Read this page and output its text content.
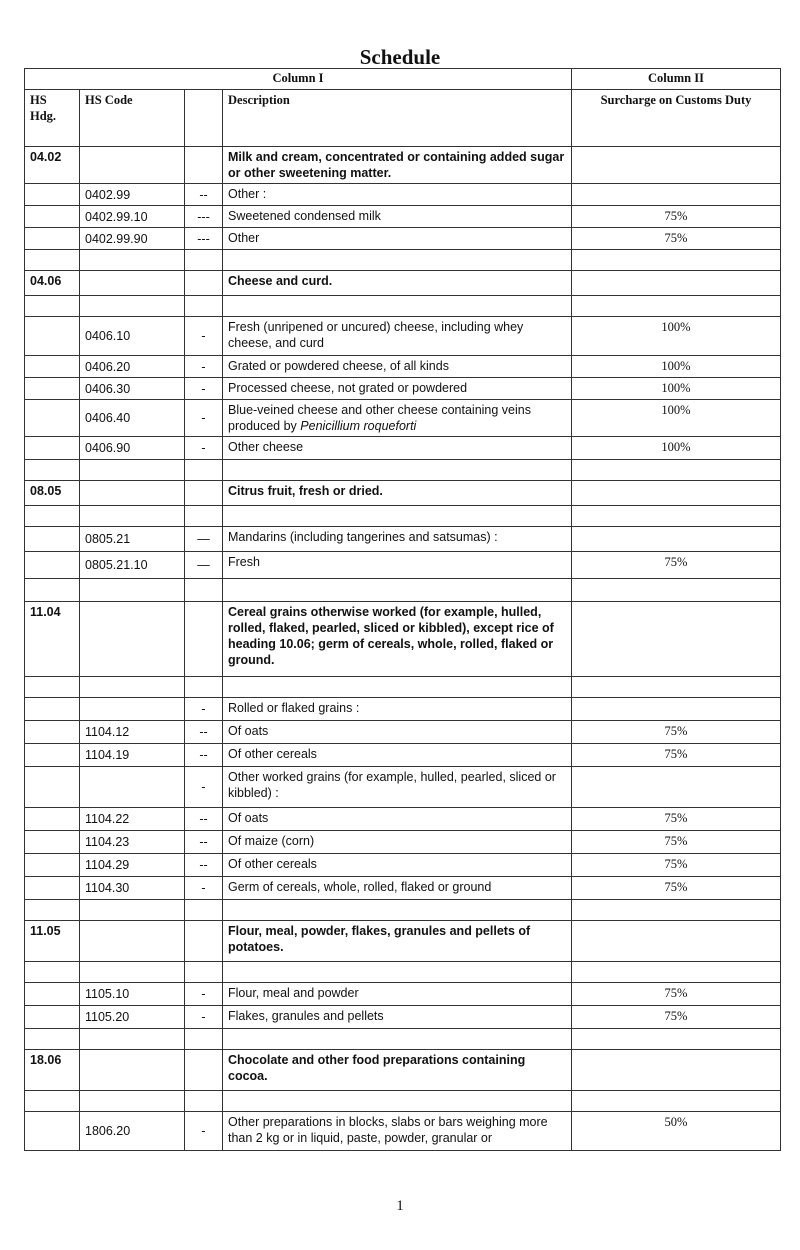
Schedule
Column I				Column II
HS Hdg.	HS Code		Description	Surcharge on Customs Duty
04.02			Milk and cream, concentrated or containing added sugar or other sweetening matter.	
	0402.99	--	Other :	
	0402.99.10	---	Sweetened condensed milk	75%
	0402.99.90	---	Other	75%

04.06			Cheese and curd.	

	0406.10	-	Fresh (unripened or uncured) cheese, including whey cheese, and curd	100%
	0406.20	-	Grated or powdered cheese, of all kinds	100%
	0406.30	-	Processed cheese, not grated or powdered	100%
	0406.40	-	Blue-veined cheese and other cheese containing veins produced by Penicillium roqueforti	100%
	0406.90	-	Other cheese	100%

08.05			Citrus fruit, fresh or dried.	

	0805.21	—	Mandarins (including tangerines and satsumas) :	
	0805.21.10	—	Fresh	75%

11.04			Cereal grains otherwise worked (for example, hulled, rolled, flaked, pearled, sliced or kibbled), except rice of heading 10.06; germ of cereals, whole, rolled, flaked or ground.	

		-	Rolled or flaked grains :	
	1104.12	--	Of oats	75%
	1104.19	--	Of other cereals	75%
		-	Other worked grains (for example, hulled, pearled, sliced or kibbled) :	
	1104.22	--	Of oats	75%
	1104.23	--	Of maize (corn)	75%
	1104.29	--	Of other cereals	75%
	1104.30	-	Germ of cereals, whole, rolled, flaked or ground	75%

11.05			Flour, meal, powder, flakes, granules and pellets of potatoes.	

	1105.10	-	Flour, meal and powder	75%
	1105.20	-	Flakes, granules and pellets	75%

18.06			Chocolate and other food preparations containing cocoa.	

	1806.20	-	Other preparations in blocks, slabs or bars weighing more than 2 kg or in liquid, paste, powder, granular or	50%
1
